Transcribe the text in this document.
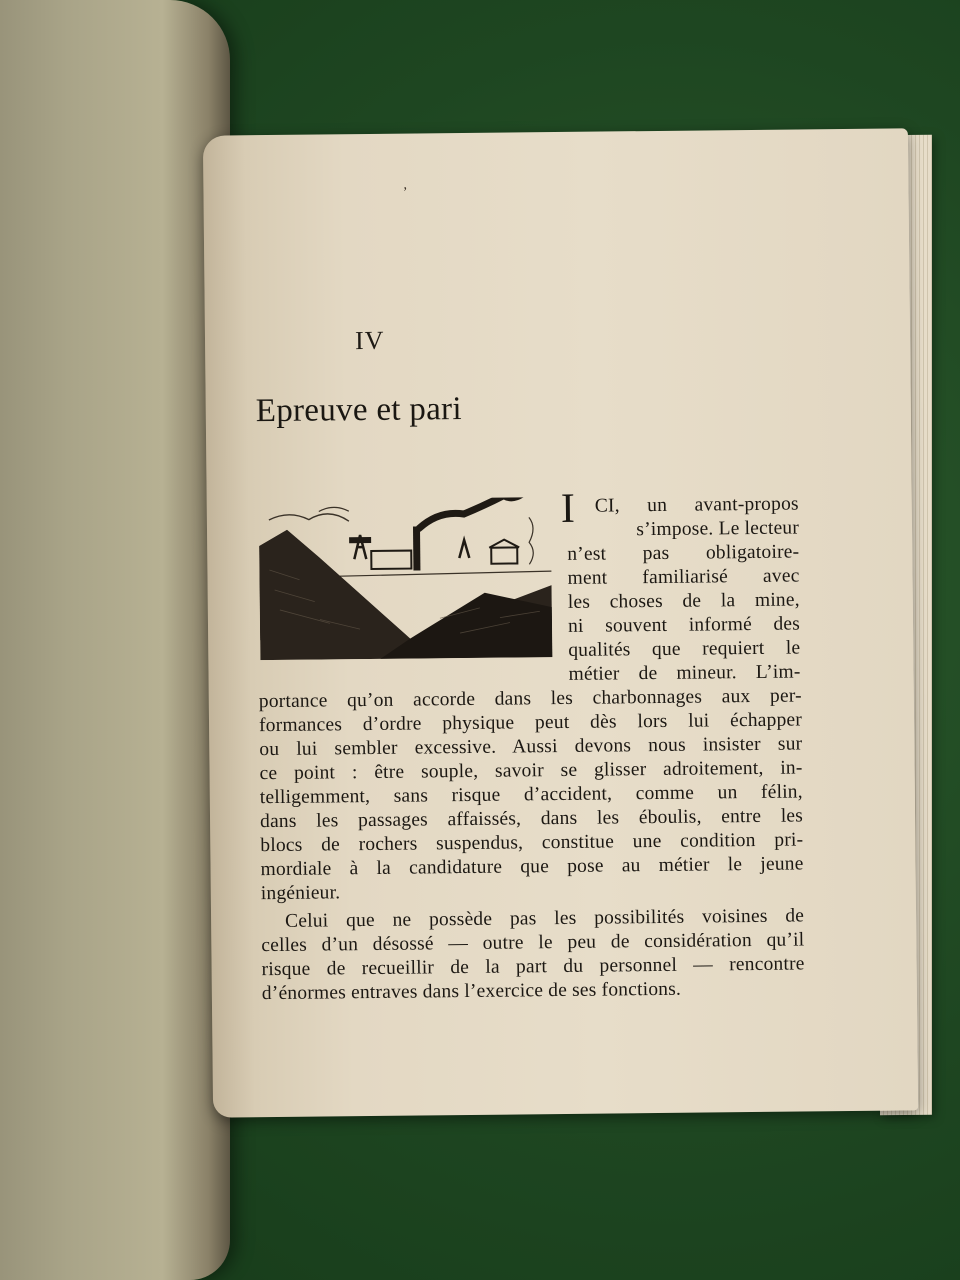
,
IV
Epreuve et pari
I CI, un avant-propos
s’impose. Le lecteur
n’est pas obligatoire-
ment familiarisé avec
les choses de la mine,
ni souvent informé des
qualités que requiert le
métier de mineur. L’im-
portance qu’on accorde dans les charbonnages aux per-
formances d’ordre physique peut dès lors lui échapper
ou lui sembler excessive. Aussi devons nous insister sur
ce point : être souple, savoir se glisser adroitement, in-
telligemment, sans risque d’accident, comme un félin,
dans les passages affaissés, dans les éboulis, entre les
blocs de rochers suspendus, constitue une condition pri-
mordiale à la candidature que pose au métier le jeune
ingénieur.
Celui que ne possède pas les possibilités voisines de
celles d’un désossé — outre le peu de considération qu’il
risque de recueillir de la part du personnel — rencontre
d’énormes entraves dans l’exercice de ses fonctions.
